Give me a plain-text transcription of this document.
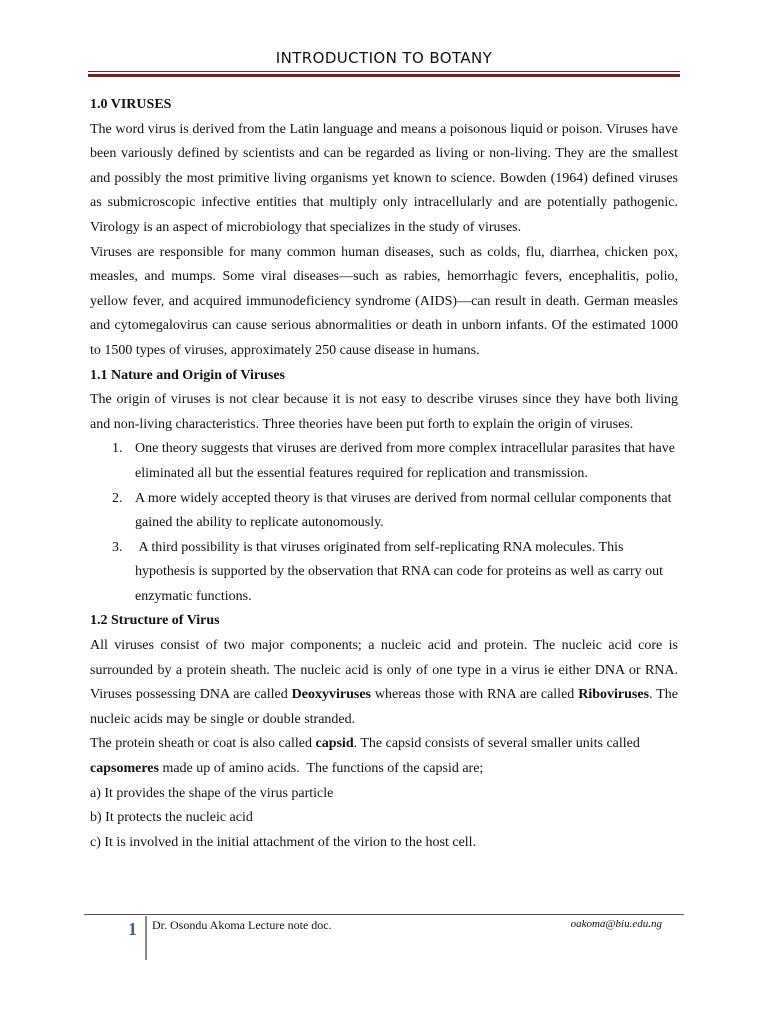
INTRODUCTION TO BOTANY
1.0 VIRUSES

The word virus is derived from the Latin language and means a poisonous liquid or poison. Viruses have been variously defined by scientists and can be regarded as living or non-living. They are the smallest and possibly the most primitive living organisms yet known to science. Bowden (1964) defined viruses as submicroscopic infective entities that multiply only intracellularly and are potentially pathogenic. Virology is an aspect of microbiology that specializes in the study of viruses.

Viruses are responsible for many common human diseases, such as colds, flu, diarrhea, chicken pox, measles, and mumps. Some viral diseases—such as rabies, hemorrhagic fevers, encephalitis, polio, yellow fever, and acquired immunodeficiency syndrome (AIDS)—can result in death. German measles and cytomegalovirus can cause serious abnormalities or death in unborn infants. Of the estimated 1000 to 1500 types of viruses, approximately 250 cause disease in humans.

1.1 Nature and Origin of Viruses

The origin of viruses is not clear because it is not easy to describe viruses since they have both living and non-living characteristics. Three theories have been put forth to explain the origin of viruses.

1. One theory suggests that viruses are derived from more complex intracellular parasites that have eliminated all but the essential features required for replication and transmission.
2. A more widely accepted theory is that viruses are derived from normal cellular components that gained the ability to replicate autonomously.
3. A third possibility is that viruses originated from self-replicating RNA molecules. This hypothesis is supported by the observation that RNA can code for proteins as well as carry out enzymatic functions.
1.2 Structure of Virus

All viruses consist of two major components; a nucleic acid and protein. The nucleic acid core is surrounded by a protein sheath. The nucleic acid is only of one type in a virus ie either DNA or RNA. Viruses possessing DNA are called Deoxyviruses whereas those with RNA are called Riboviruses. The nucleic acids may be single or double stranded.

The protein sheath or coat is also called capsid. The capsid consists of several smaller units called capsomeres made up of amino acids.  The functions of the capsid are;

a) It provides the shape of the virus particle

b) It protects the nucleic acid

c) It is involved in the initial attachment of the virion to the host cell.

1 Dr. Osondu Akoma Lecture note doc.	oakoma@biu.edu.ng
